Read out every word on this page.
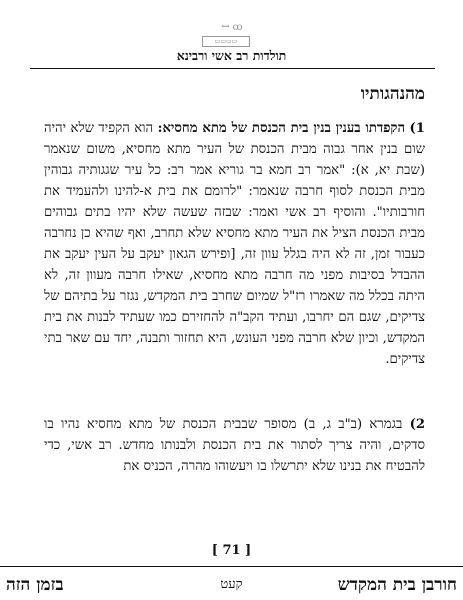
ꟷ ꝏ
▭▭▭▭
תולדות רב אשי ורבינא
מהנהגותיו

1) הקפדתו בענין בנין בית הכנסת של מתא מחסיא: הוא הקפיד שלא יהיה שום בנין אחר גבוה מבית הכנסת של העיר מתא מחסיא, משום שנאמר (שבת יא, א): "אמר רב חמא בר גוריא אמר רב: כל עיר שגגותיה גבוהין מבית הכנסת לסוף חרבה שנאמר: "לרומם את בית א-להינו ולהעמיד את חורבותיו". והוסיף רב אשי ואמר: שבזה שעשה שלא יהיו בתים גבוהים מבית הכנסת הציל את העיר מתא מחסיא שלא תחרב, ואף שהיא כן נחרבה כעבור זמן, זה לא היה בגלל עוון זה, [ופירש הגאון יעקב על העין יעקב את ההבדל בסיבות מפני מה חרבה מתא מחסיא, שאילו חרבה מעוון זה, לא היתה בכלל מה שאמרו רז"ל שמיום שחרב בית המקדש, נגזר על בתיהם של צדיקים, שגם הם יחרבו, ועתיד הקב"ה להחזירם כמו שעתיד לבנות את בית המקדש, וכיון שלא חרבה מפני העונש, היא תחזור ותבנה, יחד עם שאר בתי צדיקים.

2) בגמרא (ב"ב ג, ב) מסופר שבבית הכנסת של מתא מחסיא נהיו בו סדקים, והיה צריך לסתור את בית הכנסת ולבנותו מחדש. רב אשי, כדי להבטיח את בנינו שלא יתרשלו בו ויעשוהו מהרה, הכניס את

[ 71 ]
חורבן בית המקדש
קעט
בזמן הזה
